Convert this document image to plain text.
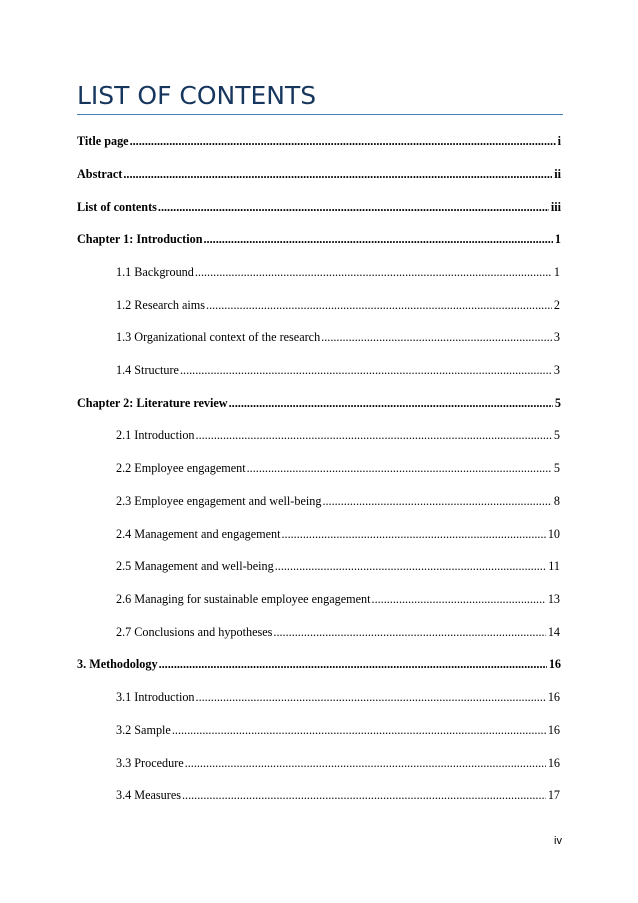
LIST OF CONTENTS
Title page .....	i
Abstract .....	ii
List of contents .....	iii
Chapter 1: Introduction .....	1
1.1 Background .....	1
1.2 Research aims .....	2
1.3 Organizational context of the research .....	3
1.4 Structure .....	3
Chapter 2: Literature review .....	5
2.1 Introduction .....	5
2.2 Employee engagement .....	5
2.3 Employee engagement and well-being .....	8
2.4 Management and engagement .....	10
2.5 Management and well-being .....	11
2.6 Managing for sustainable employee engagement .....	13
2.7 Conclusions and hypotheses .....	14
3. Methodology .....	16
3.1 Introduction .....	16
3.2 Sample .....	16
3.3 Procedure .....	16
3.4 Measures .....	17
iv
